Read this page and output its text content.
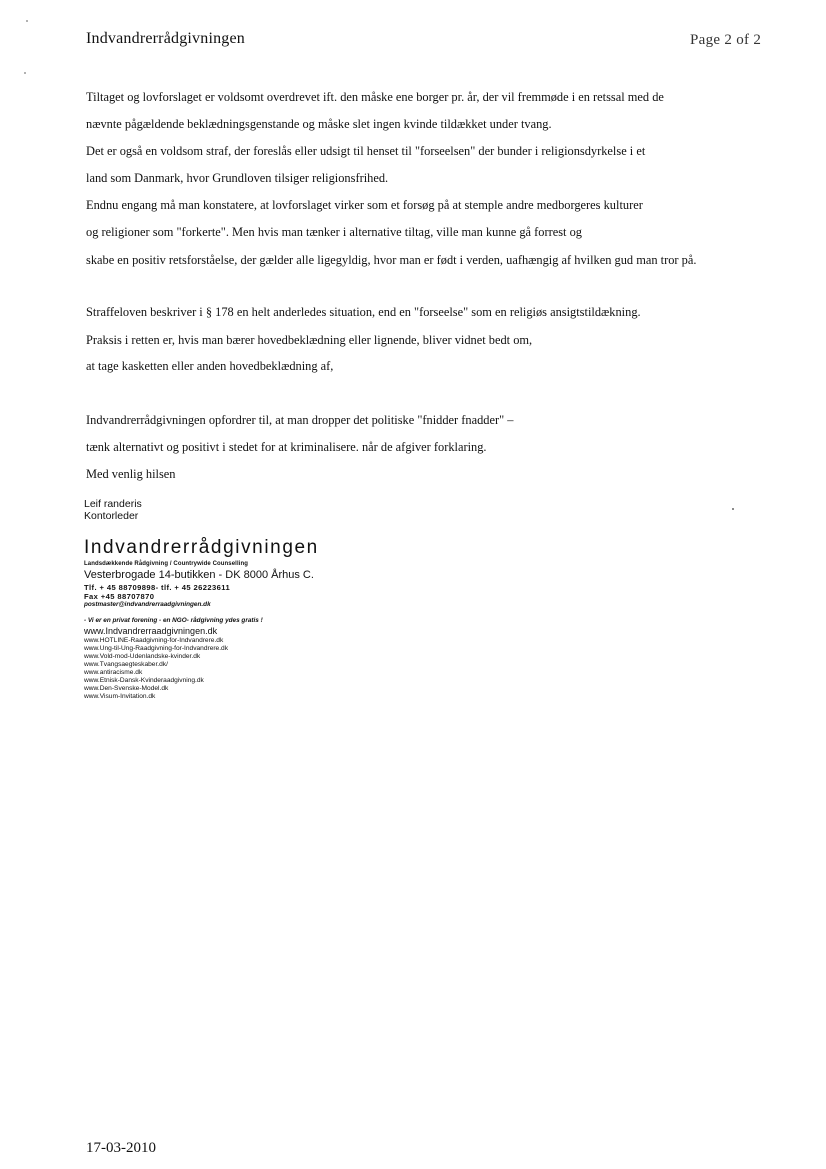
Indvandrerrådgivningen	Page 2 of 2
Tiltaget og lovforslaget er voldsomt overdrevet ift. den måske ene borger pr. år, der vil fremmøde i en retssal med de
nævnte pågældende beklædningsgenstande og måske slet ingen kvinde tildækket under tvang.
Det er også en voldsom straf, der foreslås eller udsigt til henset til "forseelsen" der bunder i religionsdyrkelse i et
land som Danmark, hvor Grundloven tilsiger religionsfrihed.
Endnu engang må man konstatere, at lovforslaget virker som et forsøg på at stemple andre medborgeres kulturer
og religioner som "forkerte". Men hvis man tænker i alternative tiltag, ville man kunne gå forrest og
skabe en positiv retsforståelse, der gælder alle ligegyldig, hvor man er født i verden, uafhængig af hvilken gud man tror på.
Straffeloven beskriver i § 178 en helt anderledes situation, end en "forseelse" som en religiøs ansigtstildækning.
Praksis i retten er, hvis man bærer hovedbeklædning eller lignende, bliver vidnet bedt om,
at tage kasketten eller anden hovedbeklædning af,
Indvandrerrådgivningen opfordrer til, at man dropper det politiske "fnidder fnadder" –
tænk alternativt og positivt i stedet for at kriminalisere. når de afgiver forklaring.
Med venlig hilsen
Leif randeris
Kontorleder
Indvandrerrådgivningen
Landsdækkende Rådgivning / Countrywide Counselling
Vesterbrogade 14-butikken - DK 8000 Århus C.
Tlf. + 45 88709898- tlf. + 45 26223611
Fax +45 88707870
postmaster@indvandrerraadgivningen.dk
- Vi er en privat forening - en NGO- rådgivning ydes gratis !
www.Indvandrerraadgivningen.dk
www.HOTLINE-Raadgivning-for-Indvandrere.dk
www.Ung-til-Ung-Raadgivning-for-Indvandrere.dk
www.Vold-mod-Udenlandske-kvinder.dk
www.Tvangsaegteskaber.dk/
www.antiracisme.dk
www.Etnisk-Dansk-Kvinderaadgivning.dk
www.Den-Svenske-Model.dk
www.Visum-Invitation.dk
17-03-2010
